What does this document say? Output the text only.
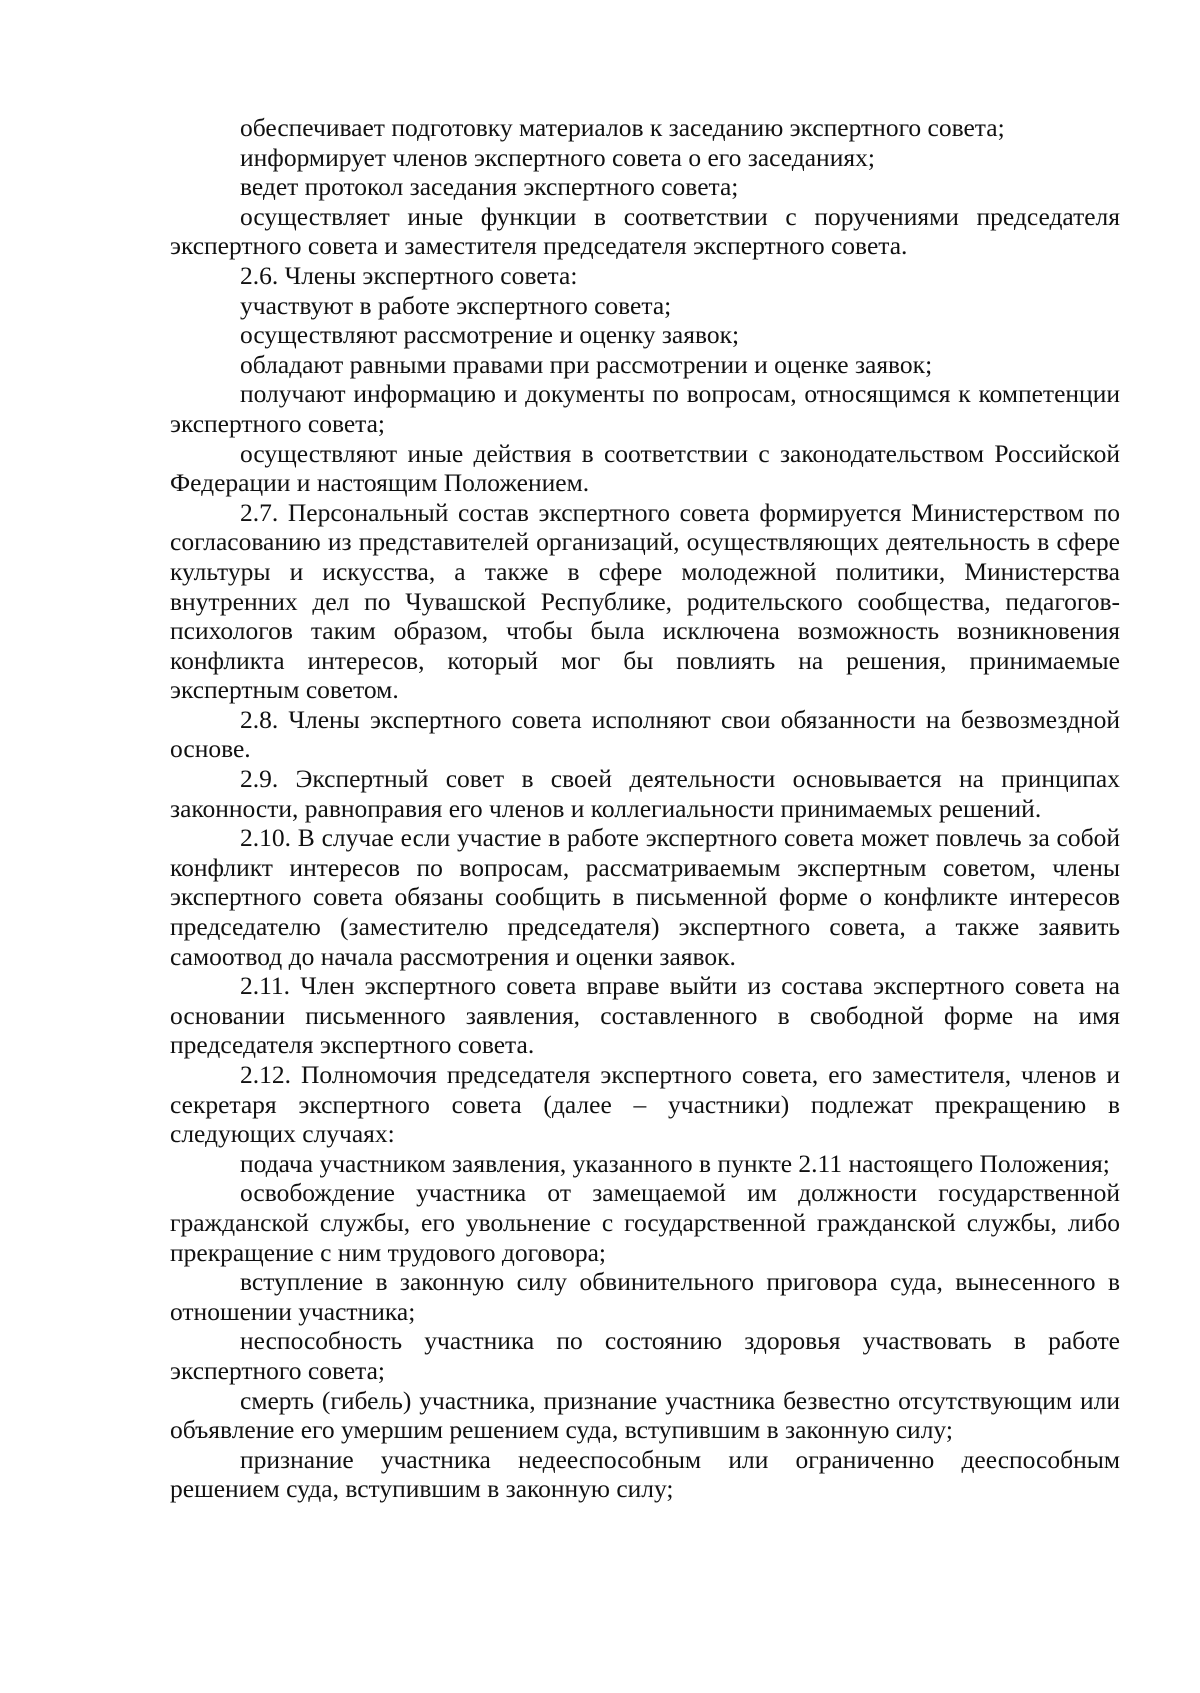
обеспечивает подготовку материалов к заседанию экспертного совета;

информирует членов экспертного совета о его заседаниях;

ведет протокол заседания экспертного совета;

осуществляет иные функции в соответствии с поручениями председателя экспертного совета и заместителя председателя экспертного совета.

2.6. Члены экспертного совета:

участвуют в работе экспертного совета;

осуществляют рассмотрение и оценку заявок;

обладают равными правами при рассмотрении и оценке заявок;

получают информацию и документы по вопросам, относящимся к компетенции экспертного совета;

осуществляют иные действия в соответствии с законодательством Российской Федерации и настоящим Положением.

2.7. Персональный состав экспертного совета формируется Министерством по согласованию из представителей организаций, осуществляющих деятельность в сфере культуры и искусства, а также в сфере молодежной политики, Министерства внутренних дел по Чувашской Республике, родительского сообщества, педагогов-психологов таким образом, чтобы была исключена возможность возникновения конфликта интересов, который мог бы повлиять на решения, принимаемые экспертным советом.

2.8. Члены экспертного совета исполняют свои обязанности на безвозмездной основе.

2.9. Экспертный совет в своей деятельности основывается на принципах законности, равноправия его членов и коллегиальности принимаемых решений.

2.10. В случае если участие в работе экспертного совета может повлечь за собой конфликт интересов по вопросам, рассматриваемым экспертным советом, члены экспертного совета обязаны сообщить в письменной форме о конфликте интересов председателю (заместителю председателя) экспертного совета, а также заявить самоотвод до начала рассмотрения и оценки заявок.

2.11. Член экспертного совета вправе выйти из состава экспертного совета на основании письменного заявления, составленного в свободной форме на имя председателя экспертного совета.

2.12. Полномочия председателя экспертного совета, его заместителя, членов и секретаря экспертного совета (далее – участники) подлежат прекращению в следующих случаях:

подача участником заявления, указанного в пункте 2.11 настоящего Положения;

освобождение участника от замещаемой им должности государственной гражданской службы, его увольнение с государственной гражданской службы, либо прекращение с ним трудового договора;

вступление в законную силу обвинительного приговора суда, вынесенного в отношении участника;

неспособность участника по состоянию здоровья участвовать в работе экспертного совета;

смерть (гибель) участника, признание участника безвестно отсутствующим или объявление его умершим решением суда, вступившим в законную силу;

признание участника недееспособным или ограниченно дееспособным решением суда, вступившим в законную силу;
